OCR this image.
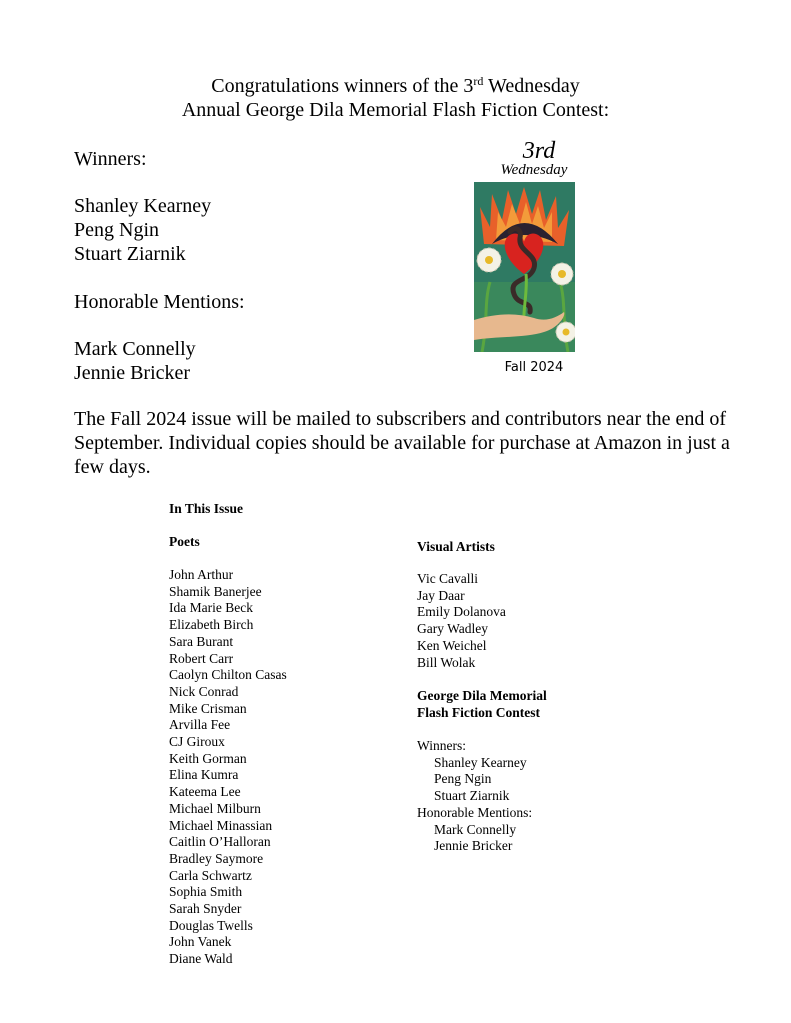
Congratulations winners of the 3rd Wednesday
Annual George Dila Memorial Flash Fiction Contest:
Winners:
Shanley Kearney
Peng Ngin
Stuart Ziarnik
Honorable Mentions:
Mark Connelly
Jennie Bricker
3rd
Wednesday
Fall 2024
The Fall 2024 issue will be mailed to subscribers and contributors near the end of September. Individual copies should be available for purchase at Amazon in just a few days.
In This Issue
Poets
John Arthur
Shamik Banerjee
Ida Marie Beck
Elizabeth Birch
Sara Burant
Robert Carr
Caolyn Chilton Casas
Nick Conrad
Mike Crisman
Arvilla Fee
CJ Giroux
Keith Gorman
Elina Kumra
Kateema Lee
Michael Milburn
Michael Minassian
Caitlin O’Halloran
Bradley Saymore
Carla Schwartz
Sophia Smith
Sarah Snyder
Douglas Twells
John Vanek
Diane Wald
Visual Artists
Vic Cavalli
Jay Daar
Emily Dolanova
Gary Wadley
Ken Weichel
Bill Wolak
George Dila Memorial
Flash Fiction Contest
Winners:
Shanley Kearney
Peng Ngin
Stuart Ziarnik
Honorable Mentions:
Mark Connelly
Jennie Bricker
